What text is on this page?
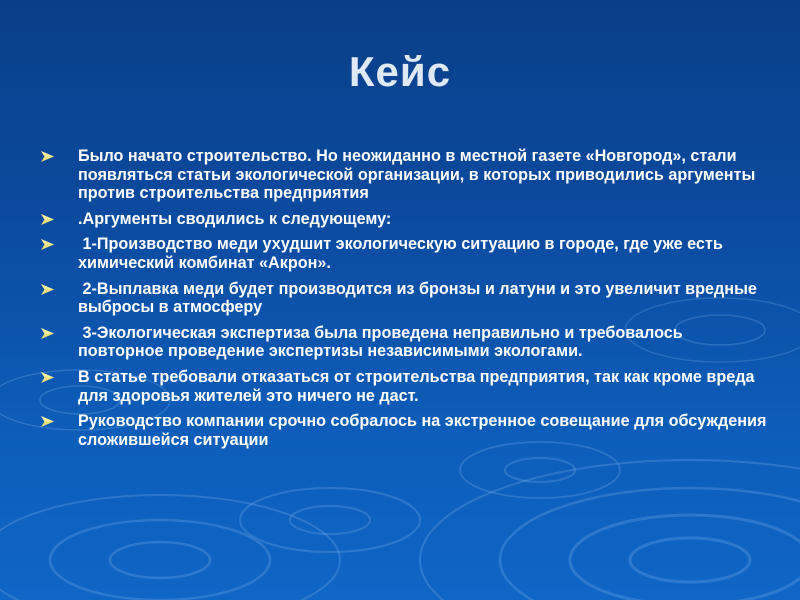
Кейс
Было начато строительство. Но неожиданно в местной газете «Новгород», стали появляться статьи экологической организации, в которых приводились аргументы против строительства предприятия
.Аргументы сводились к следующему:
1-Производство меди ухудшит экологическую ситуацию в городе, где уже есть  химический комбинат «Акрон».
2-Выплавка меди будет производится из бронзы и латуни и это увеличит вредные выбросы в атмосферу
3-Экологическая экспертиза была проведена неправильно и требовалось повторное проведение экспертизы независимыми экологами.
В статье требовали отказаться от строительства предприятия, так как кроме вреда для здоровья жителей это ничего не даст.
Руководство компании срочно собралось на экстренное совещание для обсуждения сложившейся ситуации
